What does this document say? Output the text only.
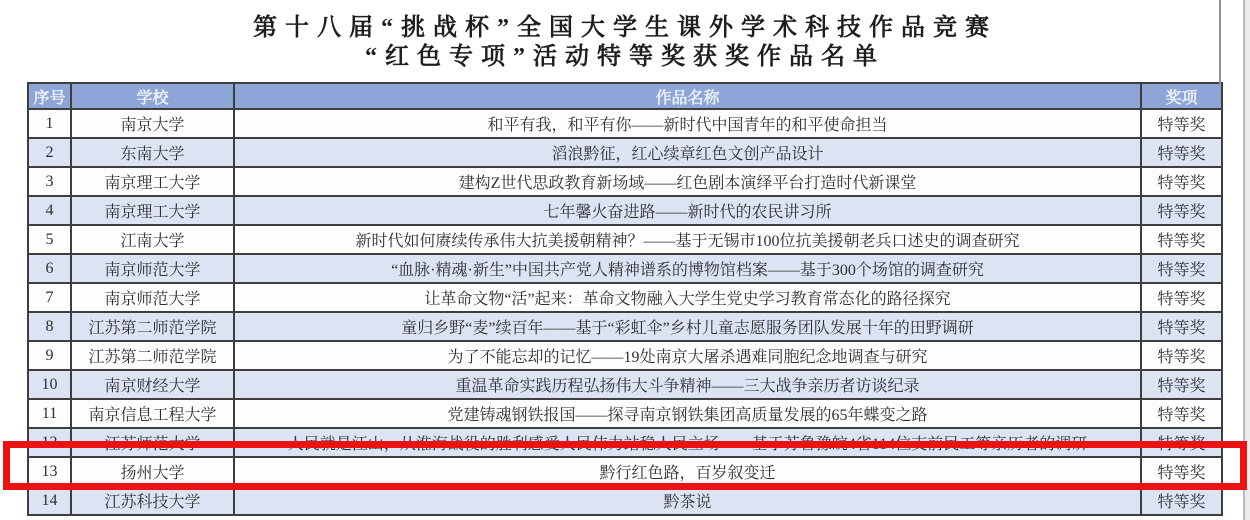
第十八届“挑战杯”全国大学生课外学术科技作品竞赛
“红色专项”活动特等奖获奖作品名单
序号	学校	作品名称	奖项
1	南京大学	和平有我，和平有你——新时代中国青年的和平使命担当	特等奖
2	东南大学	滔浪黔征，红心续章红色文创产品设计	特等奖
3	南京理工大学	建构Z世代思政教育新场域——红色剧本演绎平台打造时代新课堂	特等奖
4	南京理工大学	七年馨火奋进路——新时代的农民讲习所	特等奖
5	江南大学	新时代如何赓续传承伟大抗美援朝精神？——基于无锡市100位抗美援朝老兵口述史的调查研究	特等奖
6	南京师范大学	“血脉·精魂·新生”中国共产党人精神谱系的博物馆档案——基于300个场馆的调查研究	特等奖
7	南京师范大学	让革命文物“活”起来：革命文物融入大学生党史学习教育常态化的路径探究	特等奖
8	江苏第二师范学院	童归乡野“麦”续百年——基于“彩虹伞”乡村儿童志愿服务团队发展十年的田野调研	特等奖
9	江苏第二师范学院	为了不能忘却的记忆——19处南京大屠杀遇难同胞纪念地调查与研究	特等奖
10	南京财经大学	重温革命实践历程弘扬伟大斗争精神——三大战争亲历者访谈纪录	特等奖
11	南京信息工程大学	党建铸魂钢铁报国——探寻南京钢铁集团高质量发展的65年蝶变之路	特等奖
12	江苏师范大学	人民就是江山，从淮海战役的胜利感受人民伟力站稳人民立场——基于苏鲁豫皖4省114位支前民工等亲历者的调研	特等奖
13	扬州大学	黔行红色路，百岁叙变迁	特等奖
14	江苏科技大学	黔茶说	特等奖
